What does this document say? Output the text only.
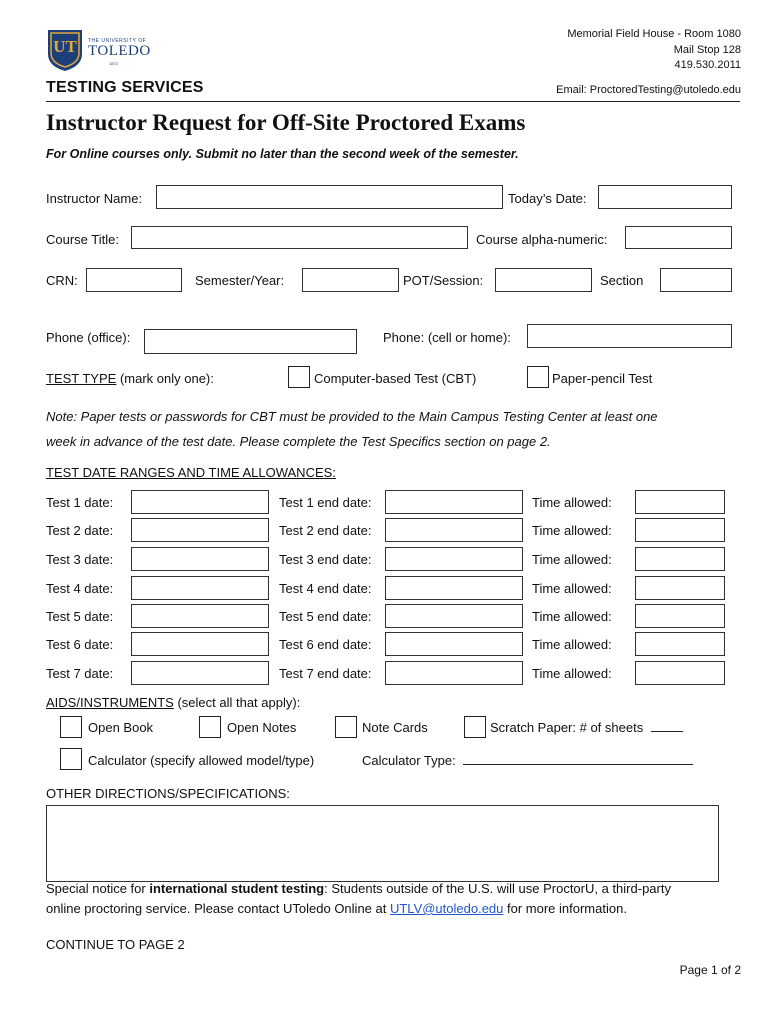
UT	THE UNIVERSITY OF
TOLEDO
1872
TESTING SERVICES
Memorial Field House - Room 1080
Mail Stop 128
419.530.2011
Email: ProctoredTesting@utoledo.edu
Instructor Request for Off-Site Proctored Exams
For Online courses only. Submit no later than the second week of the semester.
Instructor Name:	Today’s Date:
Course Title:	Course alpha-numeric:
CRN:	Semester/Year:	POT/Session:	Section
Phone (office):	Phone: (cell or home):
TEST TYPE (mark only one):	Computer-based Test (CBT)	Paper-pencil Test
Note: Paper tests or passwords for CBT must be provided to the Main Campus Testing Center at least one
week in advance of the test date. Please complete the Test Specifics section on page 2.
TEST DATE RANGES AND TIME ALLOWANCES:
Test 1 date:	Test 1 end date:	Time allowed:
Test 2 date:	Test 2 end date:	Time allowed:
Test 3 date:	Test 3 end date:	Time allowed:
Test 4 date:	Test 4 end date:	Time allowed:
Test 5 date:	Test 5 end date:	Time allowed:
Test 6 date:	Test 6 end date:	Time allowed:
Test 7 date:	Test 7 end date:	Time allowed:
AIDS/INSTRUMENTS (select all that apply):
Open Book	Open Notes	Note Cards	Scratch Paper: # of sheets
Calculator (specify allowed model/type)	Calculator Type:
OTHER DIRECTIONS/SPECIFICATIONS:
Special notice for international student testing: Students outside of the U.S. will use ProctorU, a third-party
online proctoring service. Please contact UToledo Online at UTLV@utoledo.edu for more information.
CONTINUE TO PAGE 2
Page 1 of 2
